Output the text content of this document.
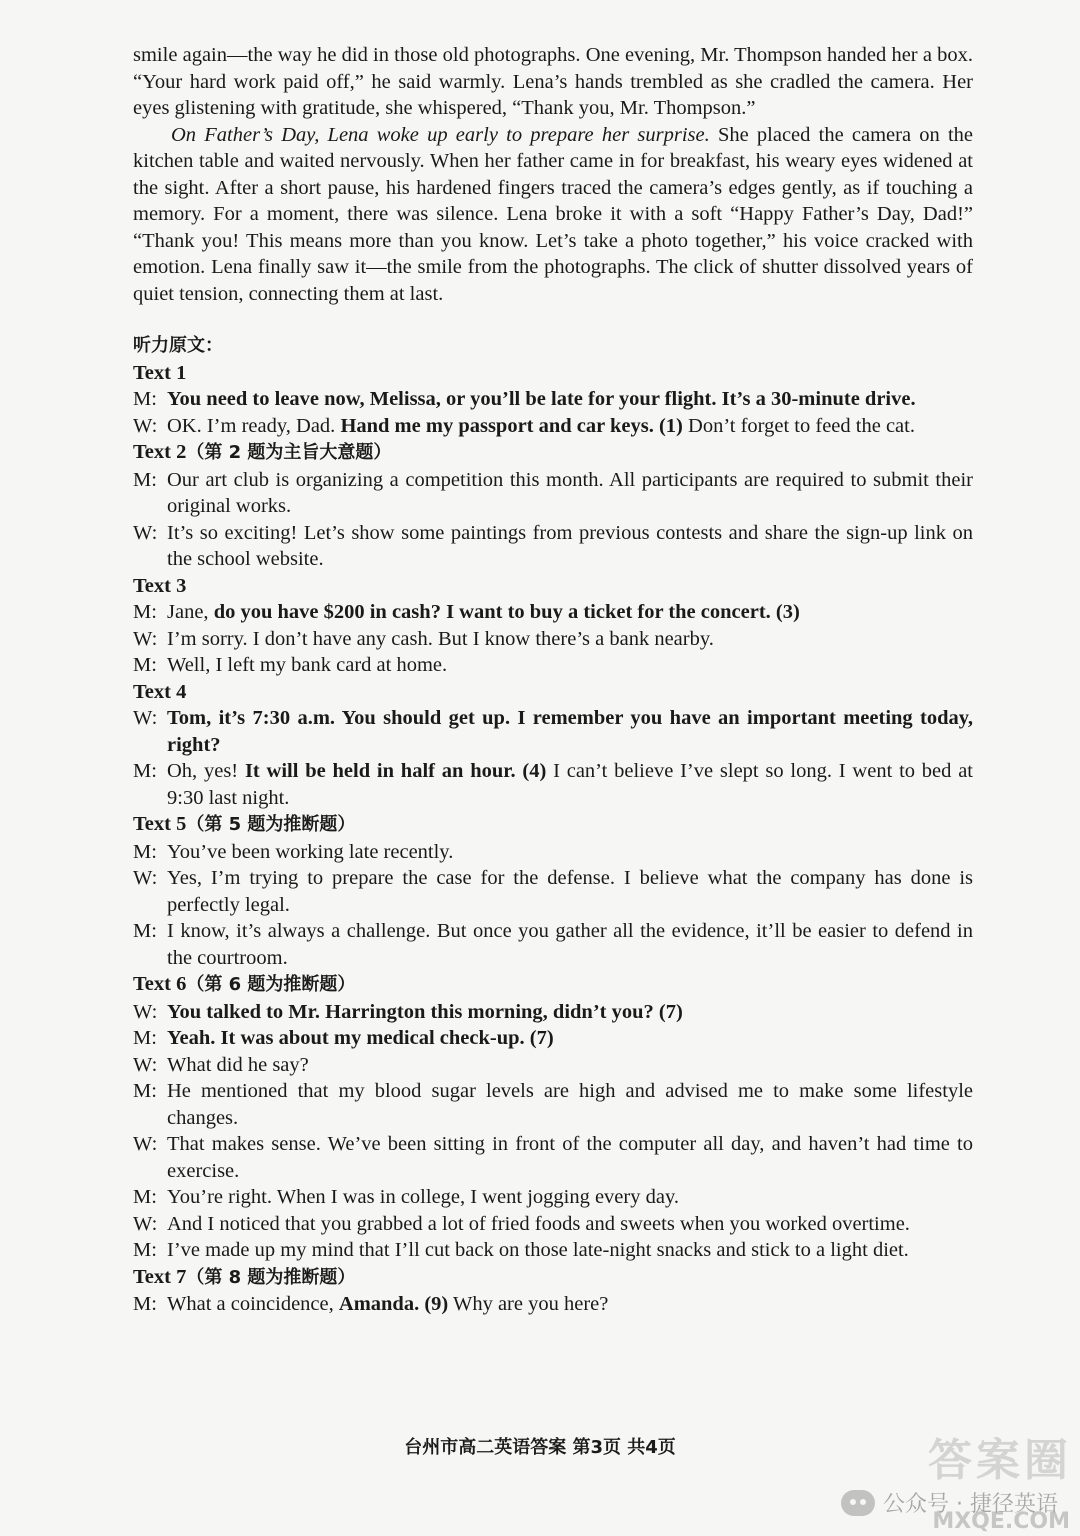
smile again—the way he did in those old photographs. One evening, Mr. Thompson handed her a box. “Your hard work paid off,” he said warmly. Lena’s hands trembled as she cradled the camera. Her eyes glistening with gratitude, she whispered, “Thank you, Mr. Thompson.”

On Father’s Day, Lena woke up early to prepare her surprise. She placed the camera on the kitchen table and waited nervously. When her father came in for breakfast, his weary eyes widened at the sight. After a short pause, his hardened fingers traced the camera’s edges gently, as if touching a memory. For a moment, there was silence. Lena broke it with a soft “Happy Father’s Day, Dad!” “Thank you! This means more than you know. Let’s take a photo together,” his voice cracked with emotion. Lena finally saw it—the smile from the photographs. The click of shutter dissolved years of quiet tension, connecting them at last.

听力原文：

Text 1

M: You need to leave now, Melissa, or you’ll be late for your flight. It’s a 30-minute drive.
W: OK. I’m ready, Dad. Hand me my passport and car keys. (1) Don’t forget to feed the cat.

Text 2（第 2 题为主旨大意题）

M: Our art club is organizing a competition this month. All participants are required to submit their original works.
W: It’s so exciting! Let’s show some paintings from previous contests and share the sign-up link on the school website.

Text 3

M: Jane, do you have $200 in cash? I want to buy a ticket for the concert. (3)
W: I’m sorry. I don’t have any cash. But I know there’s a bank nearby.
M: Well, I left my bank card at home.

Text 4

W: Tom, it’s 7:30 a.m. You should get up. I remember you have an important meeting today, right?
M: Oh, yes! It will be held in half an hour. (4) I can’t believe I’ve slept so long. I went to bed at 9:30 last night.

Text 5（第 5 题为推断题）

M: You’ve been working late recently.
W: Yes, I’m trying to prepare the case for the defense. I believe what the company has done is perfectly legal.
M: I know, it’s always a challenge. But once you gather all the evidence, it’ll be easier to defend in the courtroom.

Text 6（第 6 题为推断题）

W: You talked to Mr. Harrington this morning, didn’t you? (7)
M: Yeah. It was about my medical check-up. (7)
W: What did he say?
M: He mentioned that my blood sugar levels are high and advised me to make some lifestyle changes.
W: That makes sense. We’ve been sitting in front of the computer all day, and haven’t had time to exercise.
M: You’re right. When I was in college, I went jogging every day.
W: And I noticed that you grabbed a lot of fried foods and sweets when you worked overtime.
M: I’ve made up my mind that I’ll cut back on those late-night snacks and stick to a light diet.

Text 7（第 8 题为推断题）

M: What a coincidence, Amanda. (9) Why are you here?
台州市高二英语答案 第3页 共4页	答案圈
公众号 · 捷径英语
MXQE.COM
